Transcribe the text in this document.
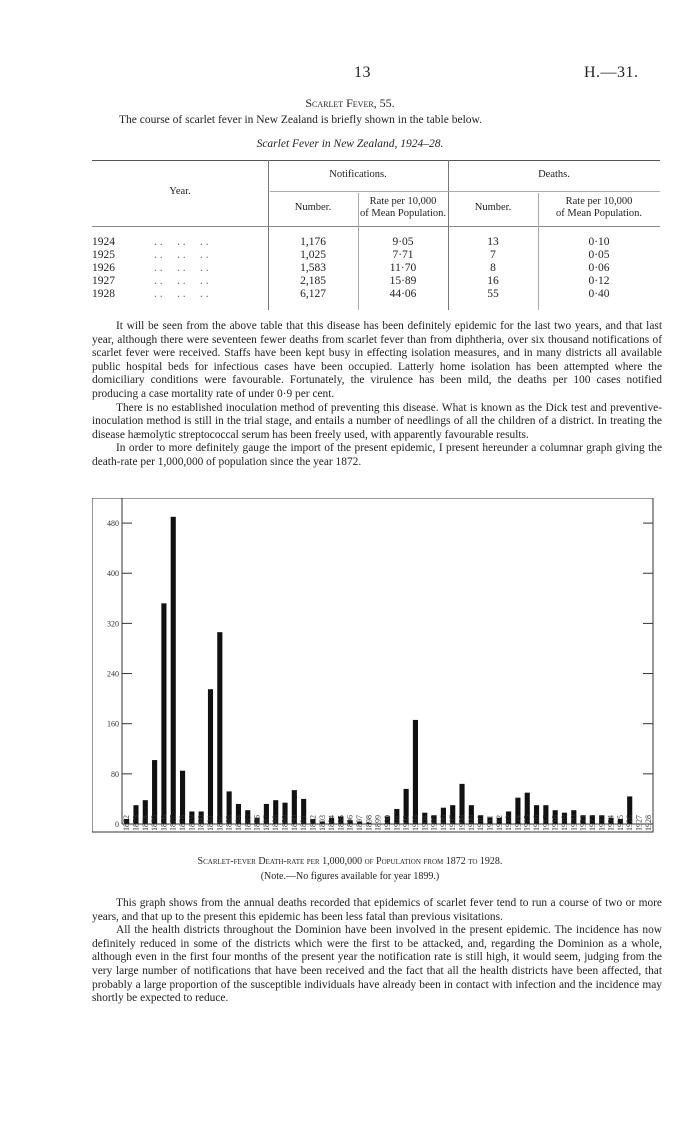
13	H.—31.
Scarlet Fever, 55.
The course of scarlet fever in New Zealand is briefly shown in the table below.
Scarlet Fever in New Zealand, 1924–28.
Year.
Notifications.	Deaths.
Number.
Rate per 10,000
of Mean Population.	Number.
Rate per 10,000
of Mean Population.
1924	. .     . .     . .	1,176	9·05	13	0·10
1925	. .     . .     . .	1,025	7·71	7	0·05
1926	. .     . .     . .	1,583	11·70	8	0·06
1927	. .     . .     . .	2,185	15·89	16	0·12
1928	. .     . .     . .	6,127	44·06	55	0·40

It will be seen from the above table that this disease has been definitely epidemic for the last two years, and that last year, although there were seventeen fewer deaths from scarlet fever than from diphtheria, over six thousand notifications of scarlet fever were received. Staffs have been kept busy in effecting isolation measures, and in many districts all available public hospital beds for infectious cases have been occupied. Latterly home isolation has been attempted where the domiciliary conditions were favourable. Fortunately, the virulence has been mild, the deaths per 100 cases notified producing a case mortality rate of under 0·9 per cent.

There is no established inoculation method of preventing this disease. What is known as the Dick test and preventive-inoculation method is still in the trial stage, and entails a number of needlings of all the children of a district. In treating the disease hæmolytic streptococcal serum has been freely used, with apparently favourable results.

In order to more definitely gauge the import of the present epidemic, I present hereunder a columnar graph giving the death-rate per 1,000,000 of population since the year 1872.

0
80
160
240
320
400
480
1872 1873 1874 1875 1876 1877 1878 1879 1880 1881 1882 1883 1884 1885 1886 1887 1888 1889 1890 1891 1892 1893 1894 1895 1896 1897 1898 1899 1900 1901 1902 1903 1904 1905 1906 1907 1908 1909 1910 1911 1912 1913 1914 1915 1916 1917 1918 1919 1920 1921 1922 1923 1924 1925 1926 1927 1928
Scarlet-fever Death-rate per 1,000,000 of Population from 1872 to 1928.
(Note.—No figures available for year 1899.)

This graph shows from the annual deaths recorded that epidemics of scarlet fever tend to run a course of two or more years, and that up to the present this epidemic has been less fatal than previous visitations.

All the health districts throughout the Dominion have been involved in the present epidemic. The incidence has now definitely reduced in some of the districts which were the first to be attacked, and, regarding the Dominion as a whole, although even in the first four months of the present year the notification rate is still high, it would seem, judging from the very large number of notifications that have been received and the fact that all the health districts have been affected, that probably a large proportion of the susceptible individuals have already been in contact with infection and the incidence may shortly be expected to reduce.
